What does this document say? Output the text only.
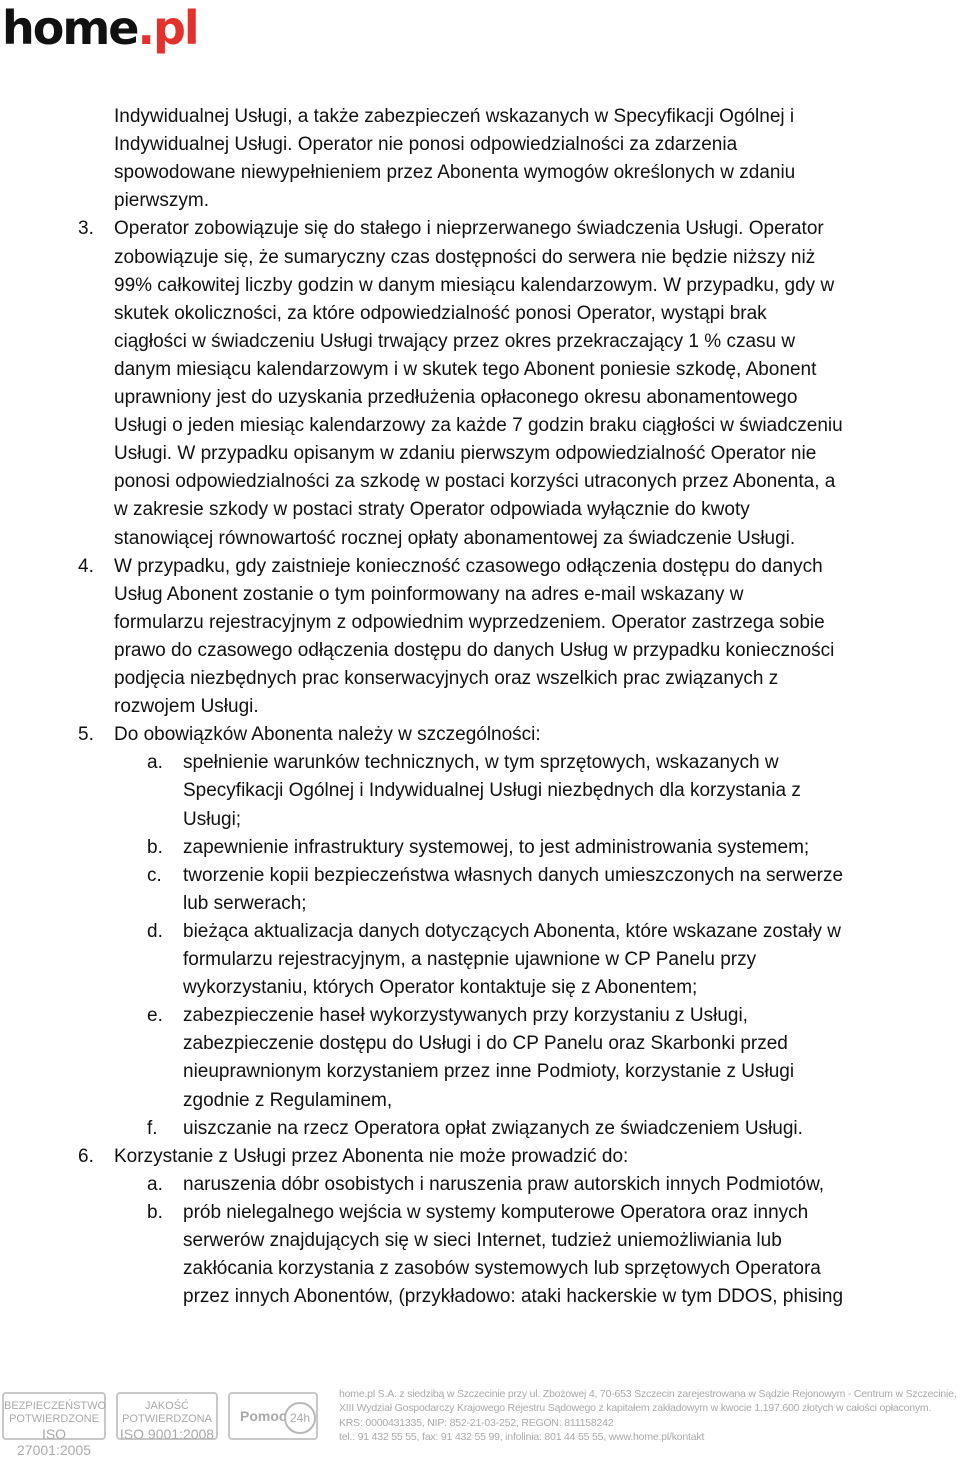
home.pl
Indywidualnej Usługi, a także zabezpieczeń wskazanych w Specyfikacji Ogólnej i
Indywidualnej Usługi. Operator nie ponosi odpowiedzialności za zdarzenia
spowodowane niewypełnieniem przez Abonenta wymogów określonych w zdaniu
pierwszym.
3. Operator zobowiązuje się do stałego i nieprzerwanego świadczenia Usługi. Operator
zobowiązuje się, że sumaryczny czas dostępności do serwera nie będzie niższy niż
99% całkowitej liczby godzin w danym miesiącu kalendarzowym. W przypadku, gdy w
skutek okoliczności, za które odpowiedzialność ponosi Operator, wystąpi brak
ciągłości w świadczeniu Usługi trwający przez okres przekraczający 1 % czasu w
danym miesiącu kalendarzowym i w skutek tego Abonent poniesie szkodę, Abonent
uprawniony jest do uzyskania przedłużenia opłaconego okresu abonamentowego
Usługi o jeden miesiąc kalendarzowy za każde 7 godzin braku ciągłości w świadczeniu
Usługi. W przypadku opisanym w zdaniu pierwszym odpowiedzialność Operator nie
ponosi odpowiedzialności za szkodę w postaci korzyści utraconych przez Abonenta, a
w zakresie szkody w postaci straty Operator odpowiada wyłącznie do kwoty
stanowiącej równowartość rocznej opłaty abonamentowej za świadczenie Usługi.
4. W przypadku, gdy zaistnieje konieczność czasowego odłączenia dostępu do danych
Usług Abonent zostanie o tym poinformowany na adres e-mail wskazany w
formularzu rejestracyjnym z odpowiednim wyprzedzeniem. Operator zastrzega sobie
prawo do czasowego odłączenia dostępu do danych Usług w przypadku konieczności
podjęcia niezbędnych prac konserwacyjnych oraz wszelkich prac związanych z
rozwojem Usługi.
5. Do obowiązków Abonenta należy w szczególności:
a. spełnienie warunków technicznych, w tym sprzętowych, wskazanych w
Specyfikacji Ogólnej i Indywidualnej Usługi niezbędnych dla korzystania z
Usługi;
b. zapewnienie infrastruktury systemowej, to jest administrowania systemem;
c. tworzenie kopii bezpieczeństwa własnych danych umieszczonych na serwerze
lub serwerach;
d. bieżąca aktualizacja danych dotyczących Abonenta, które wskazane zostały w
formularzu rejestracyjnym, a następnie ujawnione w CP Panelu przy
wykorzystaniu, których Operator kontaktuje się z Abonentem;
e. zabezpieczenie haseł wykorzystywanych przy korzystaniu z Usługi,
zabezpieczenie dostępu do Usługi i do CP Panelu oraz Skarbonki przed
nieuprawnionym korzystaniem przez inne Podmioty, korzystanie z Usługi
zgodnie z Regulaminem,
f. uiszczanie na rzecz Operatora opłat związanych ze świadczeniem Usługi.
6. Korzystanie z Usługi przez Abonenta nie może prowadzić do:
a. naruszenia dóbr osobistych i naruszenia praw autorskich innych Podmiotów,
b. prób nielegalnego wejścia w systemy komputerowe Operatora oraz innych
serwerów znajdujących się w sieci Internet, tudzież uniemożliwiania lub
zakłócania korzystania z zasobów systemowych lub sprzętowych Operatora
przez innych Abonentów, (przykładowo: ataki hackerskie w tym DDOS, phising
BEZPIECZEŃSTWO
POTWIERDZONE
ISO 27001:2005
JAKOŚĆ
POTWIERDZONA
ISO 9001:2008
Pomoc 24h
home.pl S.A. z siedzibą w Szczecinie przy ul. Zbożowej 4, 70-653 Szczecin zarejestrowana w Sądzie Rejonowym - Centrum w Szczecinie,
XIII Wydział Gospodarczy Krajowego Rejestru Sądowego z kapitałem zakładowym w kwocie 1.197.600 złotych w całości opłaconym.
KRS: 0000431335, NIP: 852-21-03-252, REGON: 811158242
tel.: 91 432 55 55, fax: 91 432 55 99, infolinia: 801 44 55 55, www.home.pl/kontakt
